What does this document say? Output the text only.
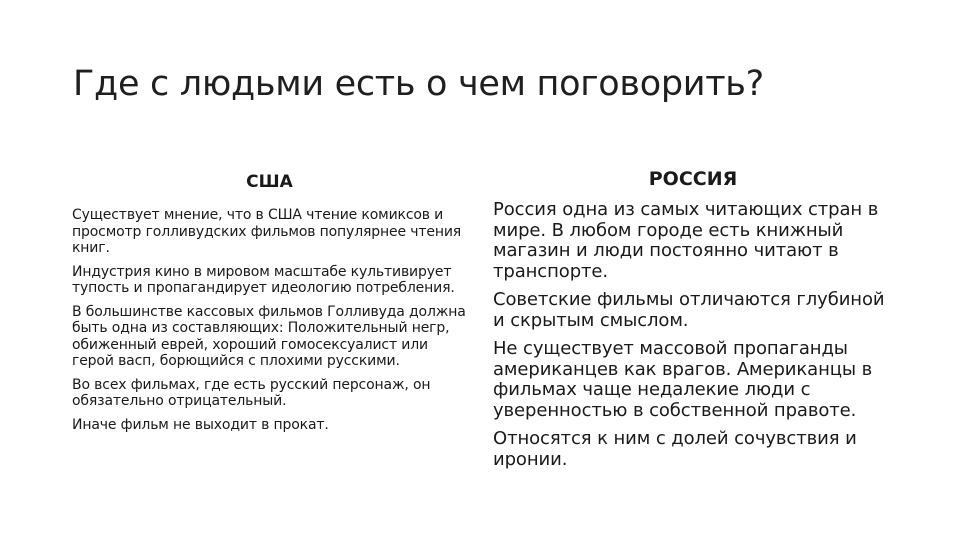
Где с людьми есть о чем поговорить?

США

Существует мнение, что в США чтение комиксов и просмотр голливудских фильмов популярнее чтения книг.

Индустрия кино в мировом масштабе культивирует тупость и пропагандирует идеологию потребления.

В большинстве кассовых фильмов Голливуда должна быть одна из составляющих: Положительный негр, обиженный еврей, хороший гомосексуалист или герой васп, борющийся с плохими русскими.

Во всех фильмах, где есть русский персонаж, он обязательно отрицательный.

Иначе фильм не выходит в прокат.

РОССИЯ

Россия одна из самых читающих стран в мире. В любом городе есть книжный магазин и люди постоянно читают в транспорте.

Советские фильмы отличаются глубиной и скрытым смыслом.

Не существует массовой пропаганды американцев как врагов. Американцы в фильмах чаще недалекие люди с уверенностью в собственной правоте.

Относятся к ним с долей сочувствия и иронии.
